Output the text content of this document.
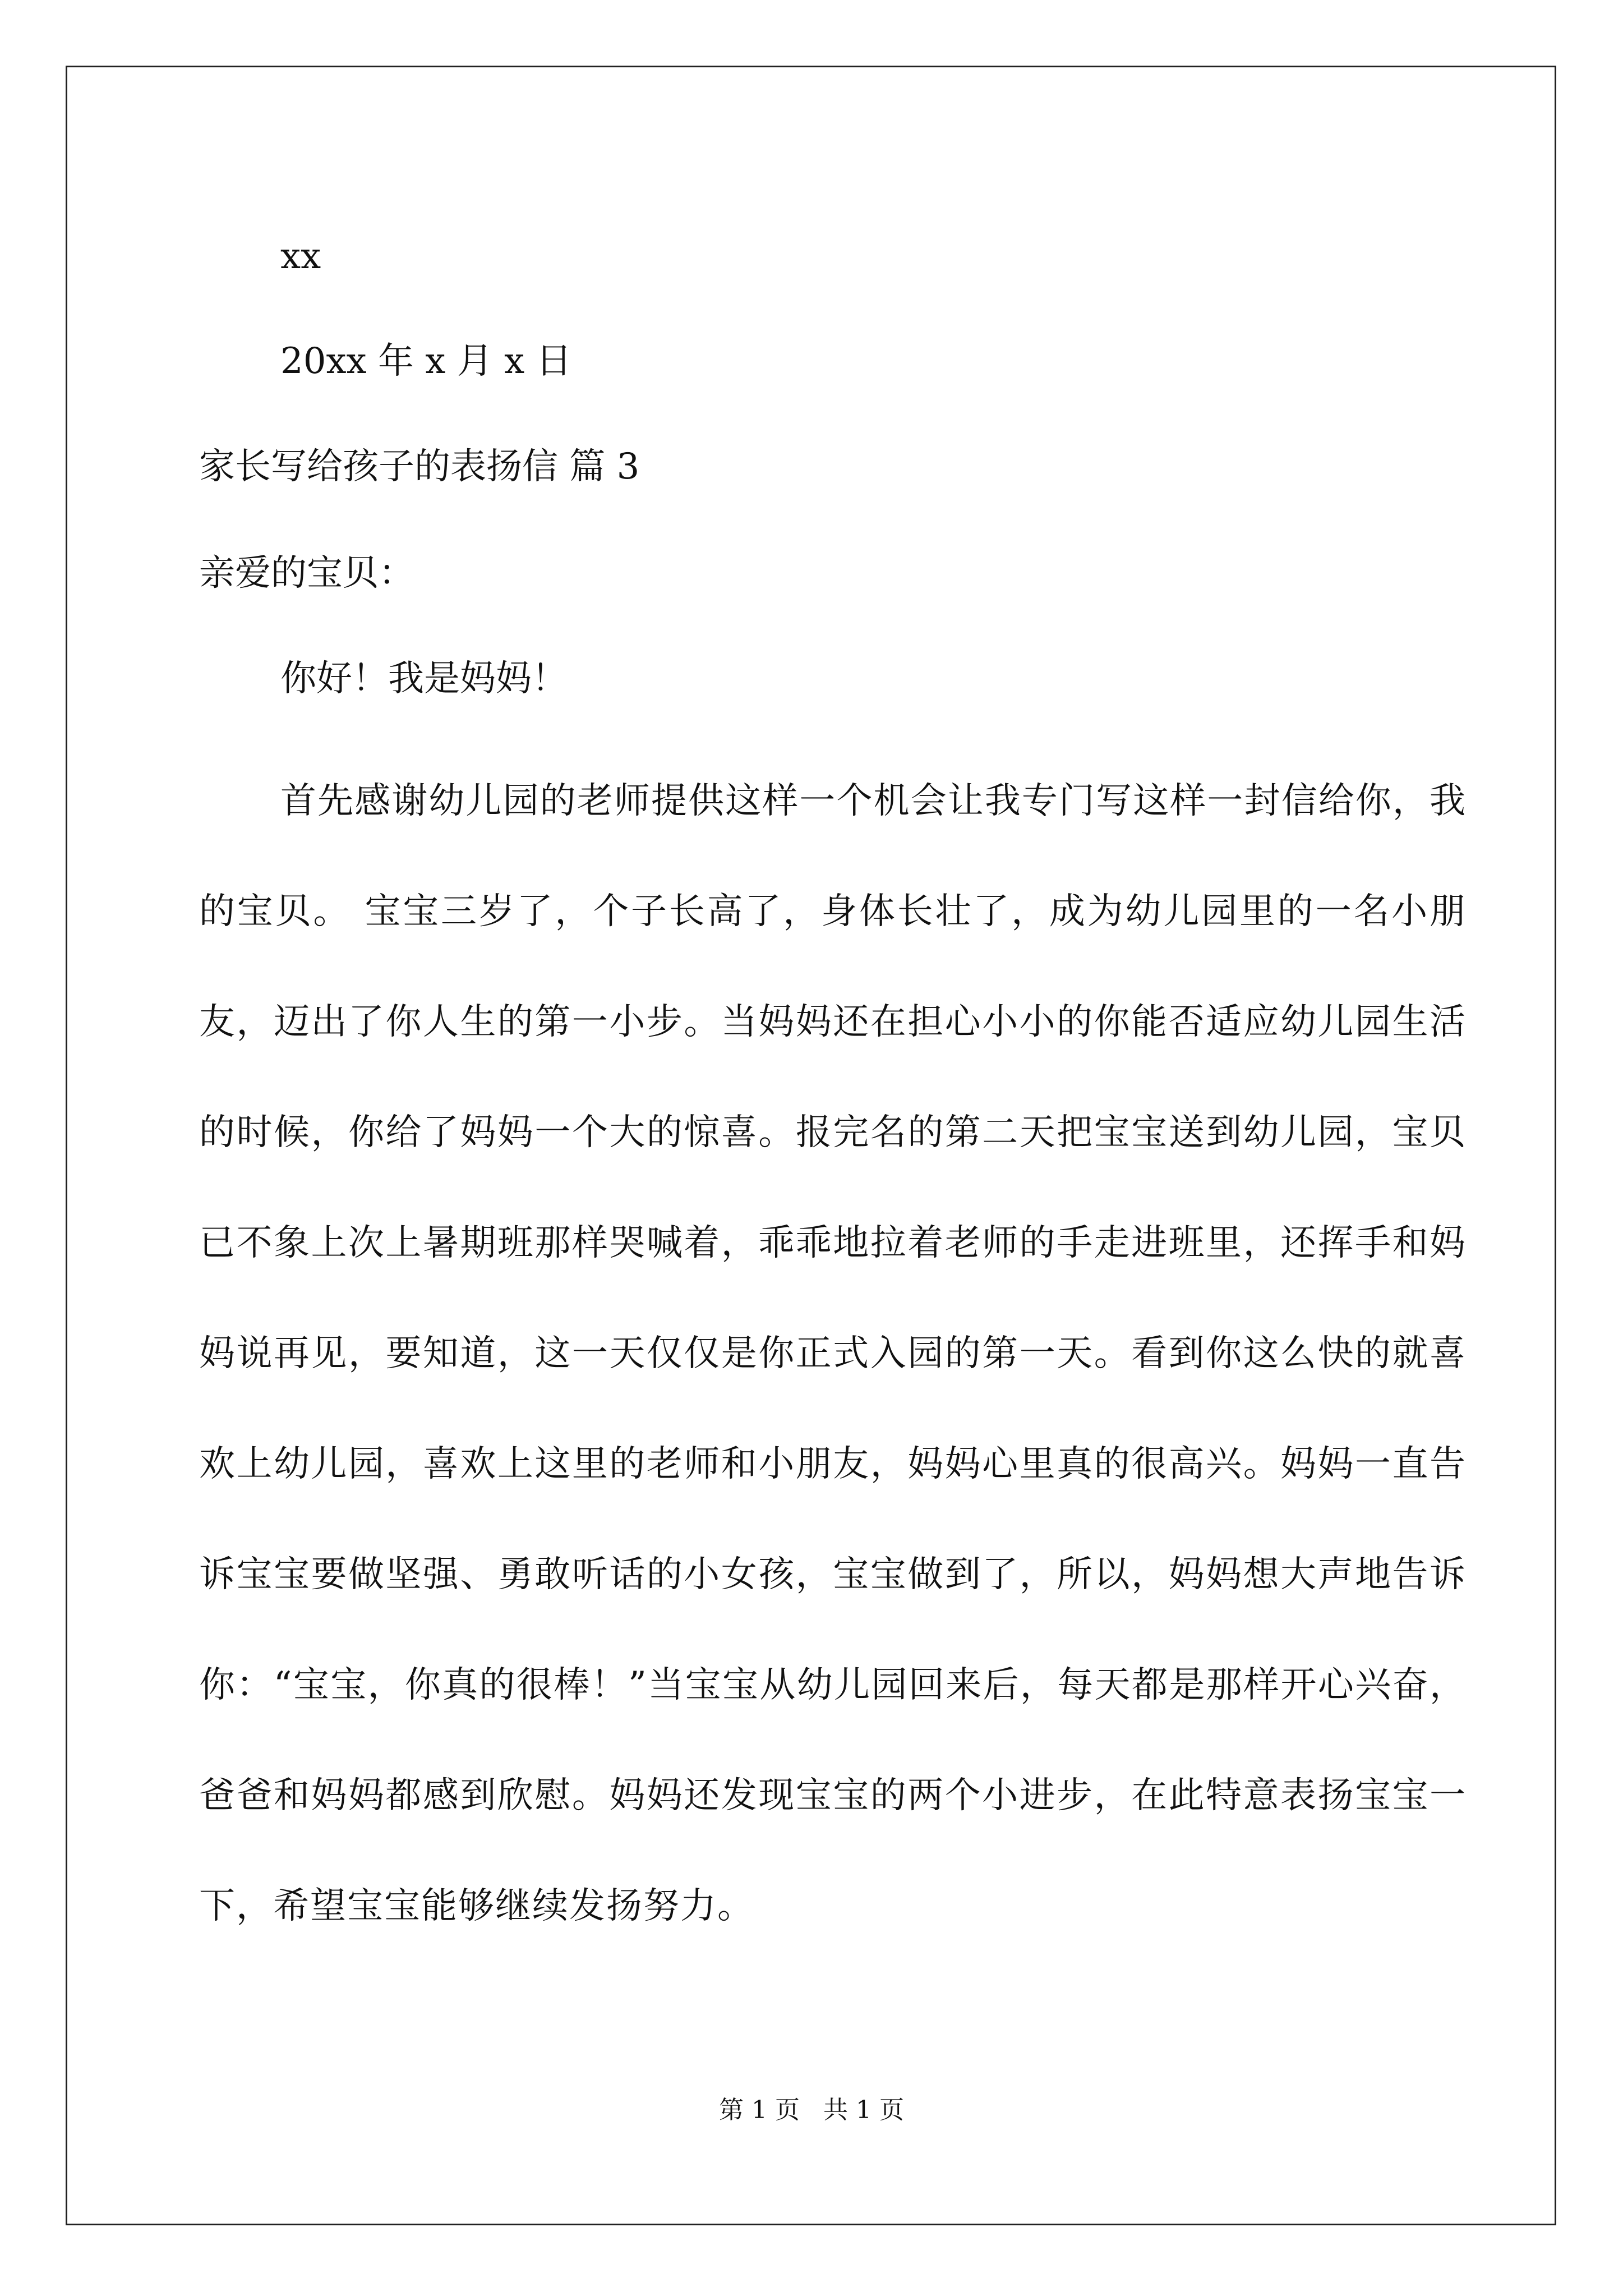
xx
20xx 年 x 月 x 日
家长写给孩子的表扬信 篇 3
亲爱的宝贝：
你好！我是妈妈！
首先感谢幼儿园的老师提供这样一个机会让我专门写这样一封信给你，我的宝贝。 宝宝三岁了，个子长高了，身体长壮了，成为幼儿园里的一名小朋友，迈出了你人生的第一小步。当妈妈还在担心小小的你能否适应幼儿园生活的时候，你给了妈妈一个大的惊喜。报完名的第二天把宝宝送到幼儿园，宝贝已不象上次上暑期班那样哭喊着，乖乖地拉着老师的手走进班里，还挥手和妈妈说再见，要知道，这一天仅仅是你正式入园的第一天。看到你这么快的就喜欢上幼儿园，喜欢上这里的老师和小朋友，妈妈心里真的很高兴。妈妈一直告诉宝宝要做坚强、勇敢听话的小女孩，宝宝做到了，所以，妈妈想大声地告诉你：“宝宝，你真的很棒！”当宝宝从幼儿园回来后，每天都是那样开心兴奋，爸爸和妈妈都感到欣慰。妈妈还发现宝宝的两个小进步，在此特意表扬宝宝一下，希望宝宝能够继续发扬努力。
第 1 页   共 1 页
